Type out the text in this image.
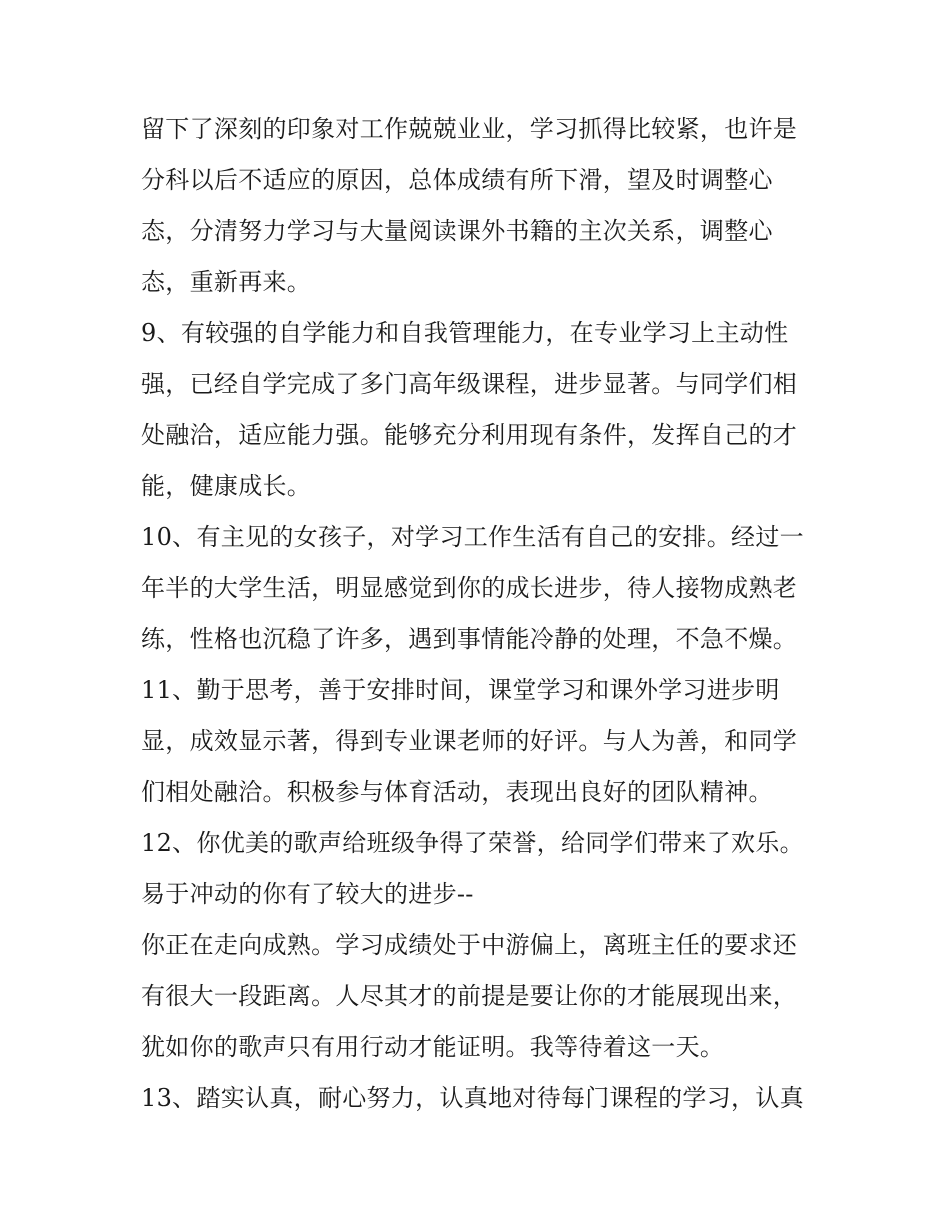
留下了深刻的印象对工作兢兢业业，学习抓得比较紧，也许是
分科以后不适应的原因，总体成绩有所下滑，望及时调整心
态，分清努力学习与大量阅读课外书籍的主次关系，调整心
态，重新再来。
9、有较强的自学能力和自我管理能力，在专业学习上主动性
强，已经自学完成了多门高年级课程，进步显著。与同学们相
处融洽，适应能力强。能够充分利用现有条件，发挥自己的才
能，健康成长。
10、有主见的女孩子，对学习工作生活有自己的安排。经过一
年半的大学生活，明显感觉到你的成长进步，待人接物成熟老
练，性格也沉稳了许多，遇到事情能冷静的处理，不急不燥。
11、勤于思考，善于安排时间，课堂学习和课外学习进步明
显，成效显示著，得到专业课老师的好评。与人为善，和同学
们相处融洽。积极参与体育活动，表现出良好的团队精神。
12、你优美的歌声给班级争得了荣誉，给同学们带来了欢乐。
易于冲动的你有了较大的进步--
你正在走向成熟。学习成绩处于中游偏上，离班主任的要求还
有很大一段距离。人尽其才的前提是要让你的才能展现出来，
犹如你的歌声只有用行动才能证明。我等待着这一天。
13、踏实认真，耐心努力，认真地对待每门课程的学习，认真
